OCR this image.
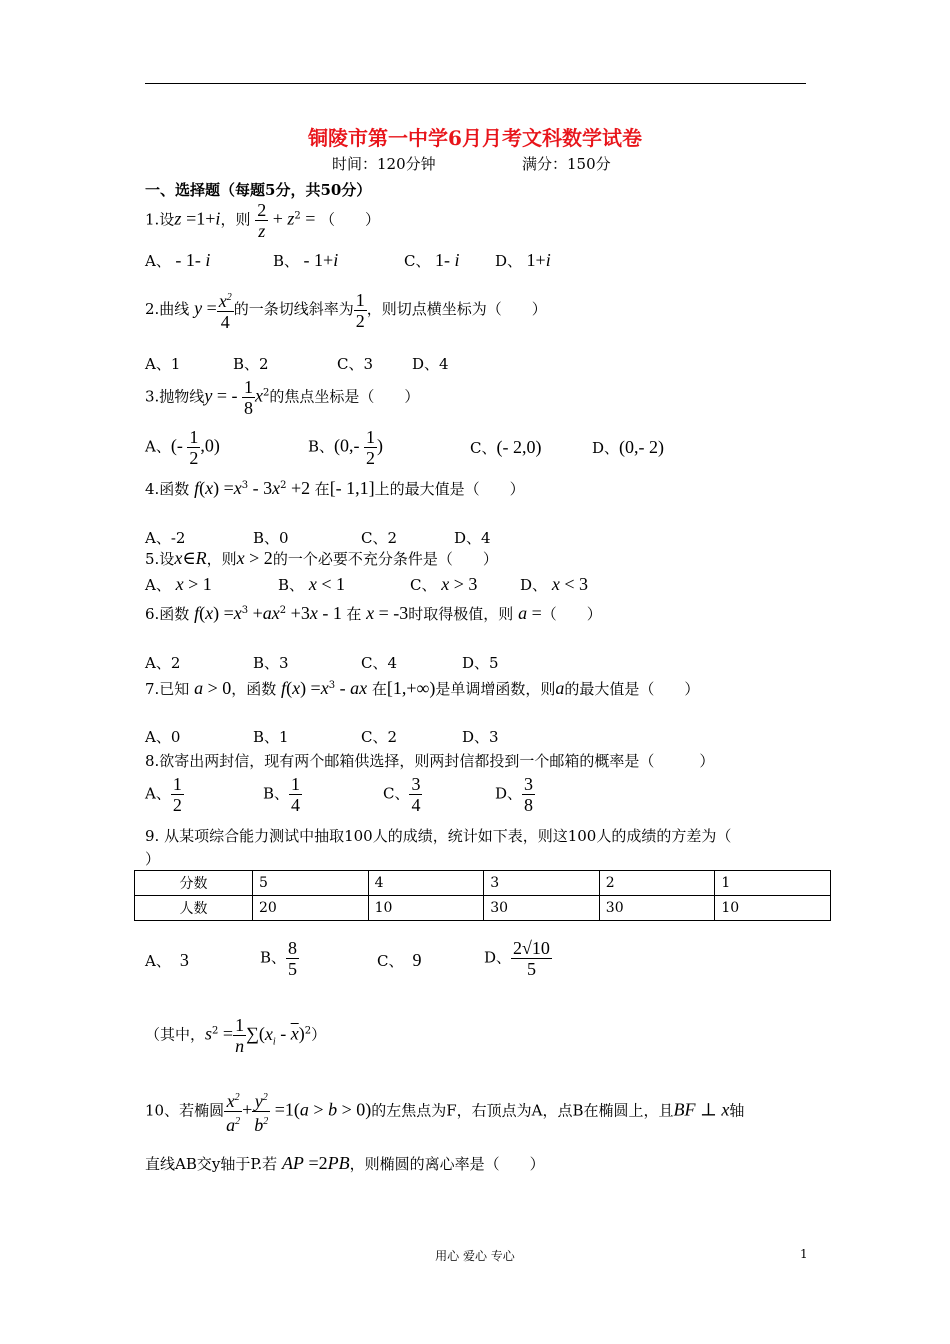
铜陵市第一中学6月月考文科数学试卷
时间：120分钟	满分：150分
一、选择题（每题5分，共50分）
1.设z =1+i，则 $\frac{2}{z} + z^2$ = （　　）
A、 - 1- i	B、 - 1+i	C、 1- i D、 1+i
2.曲线 $y = \frac{x^2}{4}$ 的一条切线斜率为 $\frac{1}{2}$ ，则切点横坐标为（　　）
A、1	B、2	C、3	D、4
3.抛物线y = - $\frac{1}{8} x^2$的焦点坐标是（　　）
A、(- $\frac{1}{2} ,0$)	B、($0,- \frac{1}{2}$ )	C、(- 2,0)	D、(0,- 2)
4.函数 $f(x) =x^3 - 3x^2 +2$ 在[- 1,1]上的最大值是（　　）
A、-2	B、0	C、2	D、4
5.设x∈R，则x > 2的一个必要不充分条件是（　　）
A、 x > 1	B、 x < 1	C、 x > 3	D、 x < 3
6.函数 $f(x) =x^3 +ax^2 +3x - 1$ 在 x = -3时取得极值，则 a =（　　）
A、2	B、3	C、4	D、5
7.已知 a > 0，函数 $f(x) =x^3$ - ax 在[1,+∞)是单调增函数，则a的最大值是（　　）
A、0	B、1	C、2	D、3
8.欲寄出两封信，现有两个邮箱供选择，则两封信都投到一个邮箱的概率是（　　　）
A、 $\frac{1}{2}$	B、 $\frac{1}{4}$	C、 $\frac{3}{4}$	D、 $\frac{3}{8}$
9. 从某项综合能力测试中抽取100人的成绩，统计如下表，则这100人的成绩的方差为（
）
分数	5	4	3	2	1
人数	20	10	30	30	10
A、  3	B、 $\frac{8}{5}$	C、  9	D、 $\frac{2√10}{5}$
（其中，$s^2 = \frac{1}{n} \sum(x_i - \overline{x})^2$）
10、若椭圆 $\frac{x^2}{a^2} + \frac{y^2}{b^2} =1(a > b > 0)$的左焦点为F，右顶点为A，点B在椭圆上，且BF ⊥ x轴
直线AB交y轴于P.若 AP =2PB，则椭圆的离心率是（　　）
用心 爱心 专心	1
